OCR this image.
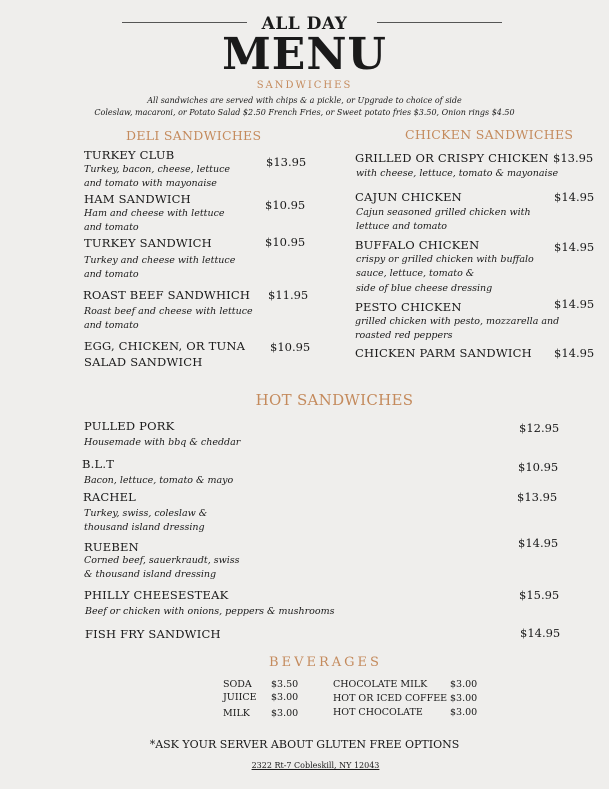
ALL DAY
MENU
SANDWICHES
All sandwiches are served with chips & a pickle, or Upgrade to choice of side
Coleslaw, macaroni, or Potato Salad $2.50 French Fries, or Sweet potato fries $3.50, Onion rings $4.50
DELI SANDWICHES
TURKEY CLUB
Turkey, bacon, cheese, lettuce
and tomato with mayonaise
$13.95
HAM SANDWICH
Ham and cheese with lettuce
and tomato
$10.95
TURKEY SANDWICH
Turkey and cheese with lettuce
and tomato
$10.95
ROAST BEEF SANDWHICH
Roast beef and cheese with lettuce
and tomato
$11.95
EGG, CHICKEN, OR TUNA
SALAD SANDWICH
$10.95
CHICKEN SANDWICHES
GRILLED OR CRISPY CHICKEN
with cheese, lettuce, tomato & mayonaise
$13.95
CAJUN CHICKEN
Cajun seasoned grilled chicken with
lettuce and tomato
$14.95
BUFFALO CHICKEN
crispy or grilled chicken with buffalo
sauce, lettuce, tomato &
side of blue cheese dressing
$14.95
PESTO CHICKEN
grilled chicken with pesto, mozzarella and
roasted red peppers
$14.95
CHICKEN PARM SANDWICH $14.95
HOT SANDWICHES
PULLED PORK
Housemade with bbq & cheddar
$12.95
B.L.T
Bacon, lettuce, tomato & mayo
$10.95
RACHEL
Turkey, swiss, coleslaw &
thousand island dressing
$13.95
RUEBEN
Corned beef, sauerkraudt, swiss
& thousand island dressing
$14.95
PHILLY CHEESESTEAK
Beef or chicken with onions, peppers & mushrooms
$15.95
FISH FRY SANDWICH	$14.95
BEVERAGES
SODA $3.50
JUIICE $3.00
MILK $3.00
CHOCOLATE MILK $3.00
HOT OR ICED COFFEE $3.00
HOT CHOCOLATE	$3.00
*ASK YOUR SERVER ABOUT GLUTEN FREE OPTIONS
2322 Rt-7 Cobleskill, NY 12043
